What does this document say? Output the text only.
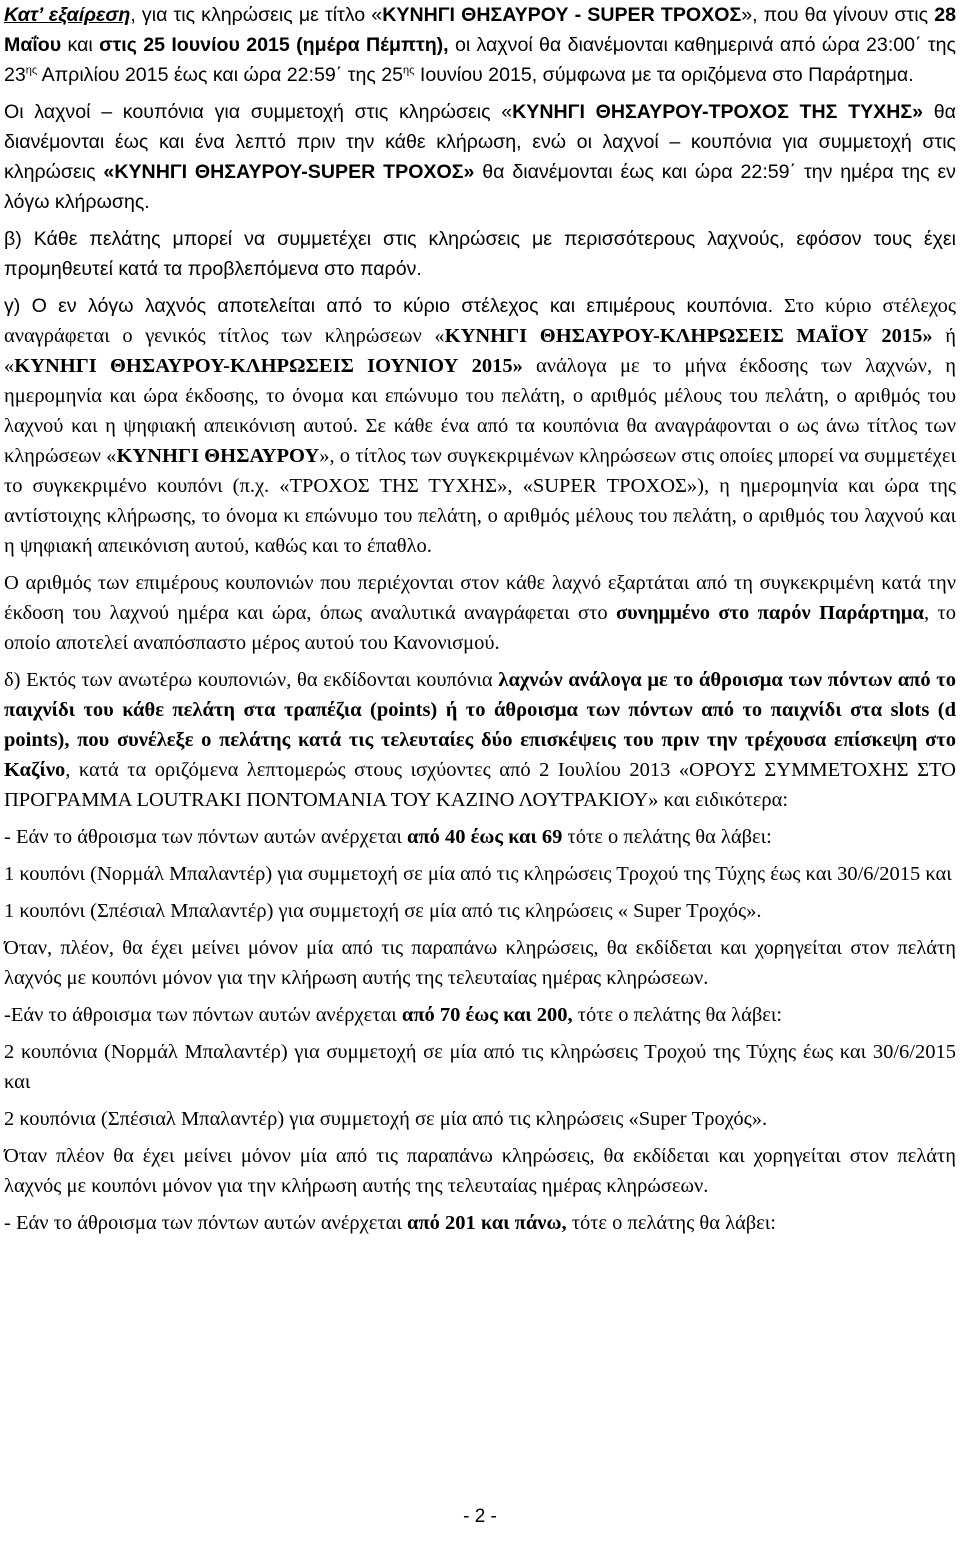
Κατ’ εξαίρεση, για τις κληρώσεις με τίτλο «ΚΥΝΗΓΙ ΘΗΣΑΥΡΟΥ - SUPER ΤΡΟΧΟΣ», που θα γίνουν στις 28 Μαΐου και στις 25 Ιουνίου 2015 (ημέρα Πέμπτη), οι λαχνοί θα διανέμονται καθημερινά από ώρα 23:00΄ της $23^{\eta\varsigma}$ Απριλίου 2015 έως και ώρα 22:59΄ της $25^{\eta\varsigma}$ Ιουνίου 2015, σύμφωνα με τα οριζόμενα στο Παράρτημα.

Οι λαχνοί – κουπόνια για συμμετοχή στις κληρώσεις «ΚΥΝΗΓΙ ΘΗΣΑΥΡΟΥ-ΤΡΟΧΟΣ ΤΗΣ ΤΥΧΗΣ» θα διανέμονται έως και ένα λεπτό πριν την κάθε κλήρωση, ενώ οι λαχνοί – κουπόνια για συμμετοχή στις κληρώσεις «ΚΥΝΗΓΙ ΘΗΣΑΥΡΟΥ-SUPER ΤΡΟΧΟΣ» θα διανέμονται έως και ώρα 22:59΄ την ημέρα της εν λόγω κλήρωσης.

β) Κάθε πελάτης μπορεί να συμμετέχει στις κληρώσεις με περισσότερους λαχνούς, εφόσον τους έχει προμηθευτεί κατά τα προβλεπόμενα στο παρόν.

γ) Ο εν λόγω λαχνός αποτελείται από το κύριο στέλεχος και επιμέρους κουπόνια. Στο κύριο στέλεχος αναγράφεται ο γενικός τίτλος των κληρώσεων «ΚΥΝΗΓΙ ΘΗΣΑΥΡΟΥ-ΚΛΗΡΩΣΕΙΣ ΜΑΪΟΥ 2015» ή «ΚΥΝΗΓΙ ΘΗΣΑΥΡΟΥ-ΚΛΗΡΩΣΕΙΣ ΙΟΥΝΙΟΥ 2015» ανάλογα με το μήνα έκδοσης των λαχνών, η ημερομηνία και ώρα έκδοσης, το όνομα και επώνυμο του πελάτη, ο αριθμός μέλους του πελάτη, ο αριθμός του λαχνού και η ψηφιακή απεικόνιση αυτού. Σε κάθε ένα από τα κουπόνια θα αναγράφονται ο ως άνω τίτλος των κληρώσεων «ΚΥΝΗΓΙ ΘΗΣΑΥΡΟΥ», ο τίτλος των συγκεκριμένων κληρώσεων στις οποίες μπορεί να συμμετέχει το συγκεκριμένο κουπόνι (π.χ. «ΤΡΟΧΟΣ ΤΗΣ ΤΥΧΗΣ», «SUPER ΤΡΟΧΟΣ»), η ημερομηνία και ώρα της αντίστοιχης κλήρωσης, το όνομα κι επώνυμο του πελάτη, ο αριθμός μέλους του πελάτη, ο αριθμός του λαχνού και η ψηφιακή απεικόνιση αυτού, καθώς και το έπαθλο.

Ο αριθμός των επιμέρους κουπονιών που περιέχονται στον κάθε λαχνό εξαρτάται από τη συγκεκριμένη κατά την έκδοση του λαχνού ημέρα και ώρα, όπως αναλυτικά αναγράφεται στο συνημμένο στο παρόν Παράρτημα, το οποίο αποτελεί αναπόσπαστο μέρος αυτού του Κανονισμού.

δ) Εκτός των ανωτέρω κουπονιών, θα εκδίδονται κουπόνια λαχνών ανάλογα με το άθροισμα των πόντων από το παιχνίδι του κάθε πελάτη στα τραπέζια (points) ή το άθροισμα των πόντων από το παιχνίδι στα slots (d points), που συνέλεξε ο πελάτης κατά τις τελευταίες δύο επισκέψεις του πριν την τρέχουσα επίσκεψη στο Καζίνο, κατά τα οριζόμενα λεπτομερώς στους ισχύοντες από 2 Ιουλίου 2013 «ΟΡΟΥΣ ΣΥΜΜΕΤΟΧΗΣ ΣΤΟ ΠΡΟΓΡΑΜΜΑ LOUTRAKI ΠΟΝΤΟΜΑΝΙΑ ΤΟΥ ΚΑΖΙΝΟ ΛΟΥΤΡΑΚΙΟΥ» και ειδικότερα:

- Εάν το άθροισμα των πόντων αυτών ανέρχεται από 40 έως και 69 τότε ο πελάτης θα λάβει:

1 κουπόνι (Νορμάλ Μπαλαντέρ) για συμμετοχή σε μία από τις κληρώσεις Τροχού της Τύχης έως και 30/6/2015 και

1 κουπόνι (Σπέσιαλ Μπαλαντέρ) για συμμετοχή σε μία από τις κληρώσεις « Super Τροχός».

Όταν, πλέον, θα έχει μείνει μόνον μία από τις παραπάνω κληρώσεις, θα εκδίδεται και χορηγείται στον πελάτη λαχνός με κουπόνι μόνον για την κλήρωση αυτής της τελευταίας ημέρας κληρώσεων.

-Εάν το άθροισμα των πόντων αυτών ανέρχεται από 70 έως και 200, τότε ο πελάτης θα λάβει:

2 κουπόνια (Νορμάλ Μπαλαντέρ) για συμμετοχή σε μία από τις κληρώσεις Τροχού της Τύχης έως και 30/6/2015 και

2 κουπόνια (Σπέσιαλ Μπαλαντέρ) για συμμετοχή σε μία από τις κληρώσεις «Super Τροχός».

Όταν πλέον θα έχει μείνει μόνον μία από τις παραπάνω κληρώσεις, θα εκδίδεται και χορηγείται στον πελάτη λαχνός με κουπόνι μόνον για την κλήρωση αυτής της τελευταίας ημέρας κληρώσεων.

- Εάν το άθροισμα των πόντων αυτών ανέρχεται από 201 και πάνω, τότε ο πελάτης θα λάβει:

- 2 -
